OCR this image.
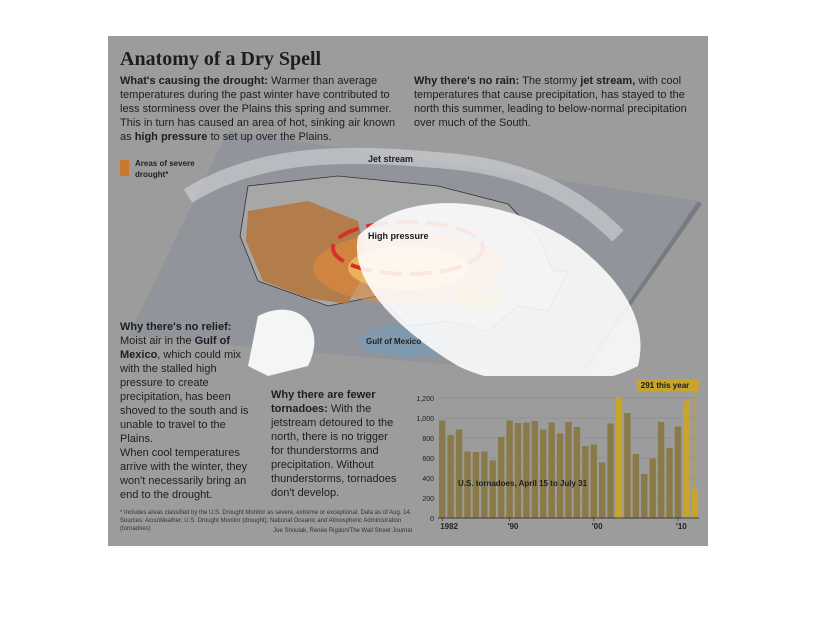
Anatomy of a Dry Spell

What's causing the drought: Warmer than average temperatures during the past winter have contributed to less storminess over the Plains this spring and summer. This in turn has caused an area of hot, sinking air known as high pressure to set up over the Plains.

Why there's no rain: The stormy jet stream, with cool temperatures that cause precipitation, has stayed to the north this summer, leading to below-normal precipitation over much of the South.

Areas of severe drought*
Jet stream
High pressure
Gulf of Mexico

Why there's no relief:
Moist air in the Gulf of Mexico, which could mix with the stalled high pressure to create precipitation, has been shoved to the south and is unable to travel to the Plains.
When cool temperatures arrive with the winter, they won't necessarily bring an end to the drought.

Why there are fewer tornadoes: With the jetstream detoured to the north, there is no trigger for thunderstorms and precipitation. Without thunderstorms, tornadoes don't develop.

* Includes areas classified by the U.S. Drought Monitor as severe, extreme or exceptional. Data as of Aug. 14. Sources: AccuWeather; U.S. Drought Monitor (drought); National Oceanic and Atmospheric Administration (tornadoes)	Joe Shoulak, Renée Rigdon/The Wall Street Journal
0
200
400
600
800
1,000
1,200
1982	'90	'00	'10
U.S. tornadoes, April 15 to July 31
291 this year
